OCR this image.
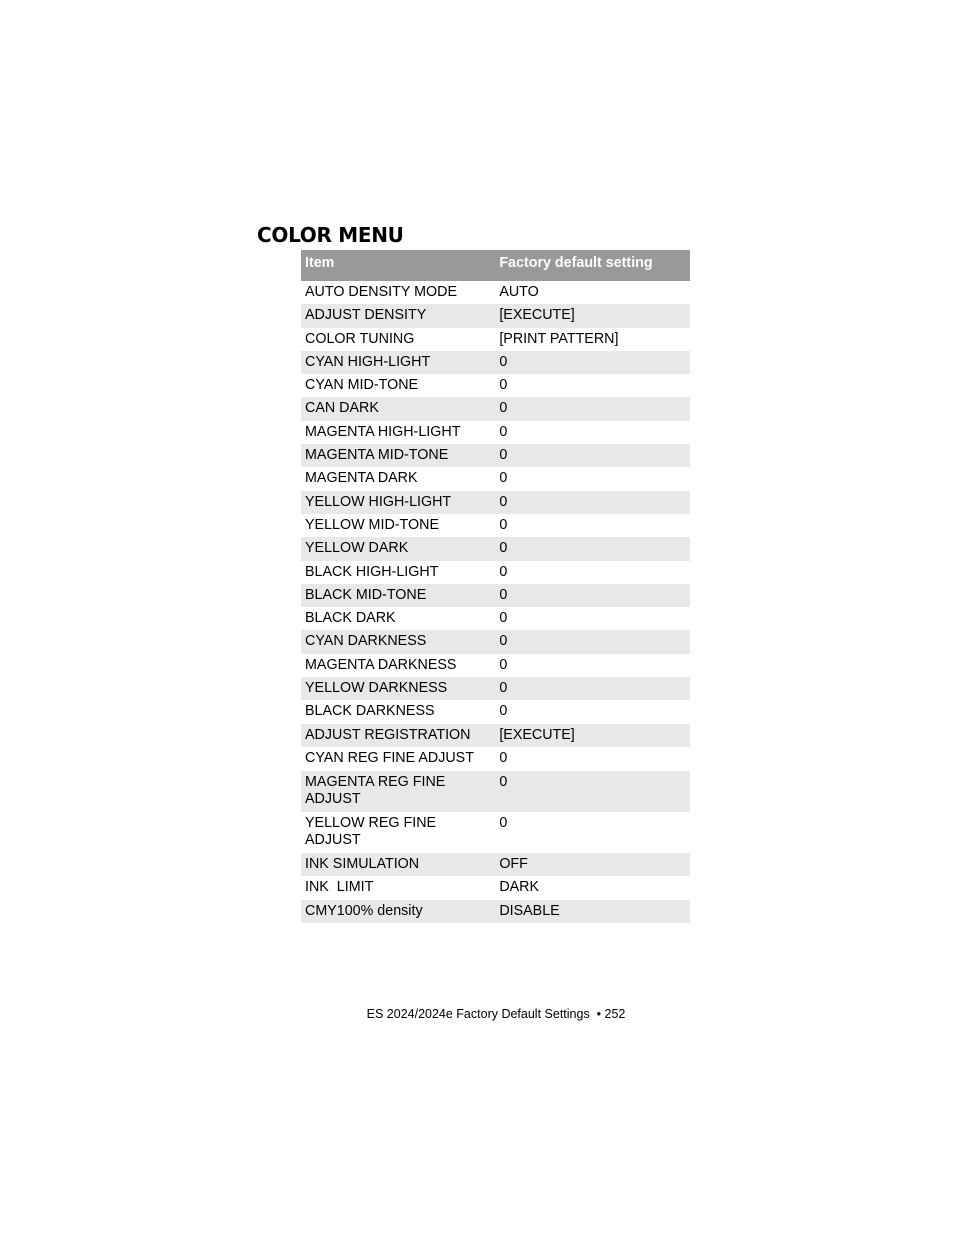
COLOR MENU
Item	Factory default setting
AUTO DENSITY MODE	AUTO
ADJUST DENSITY	[EXECUTE]
COLOR TUNING	[PRINT PATTERN]
CYAN HIGH-LIGHT	0
CYAN MID-TONE	0
CAN DARK	0
MAGENTA HIGH-LIGHT	0
MAGENTA MID-TONE	0
MAGENTA DARK	0
YELLOW HIGH-LIGHT	0
YELLOW MID-TONE	0
YELLOW DARK	0
BLACK HIGH-LIGHT	0
BLACK MID-TONE	0
BLACK DARK	0
CYAN DARKNESS	0
MAGENTA DARKNESS	0
YELLOW DARKNESS	0
BLACK DARKNESS	0
ADJUST REGISTRATION	[EXECUTE]
CYAN REG FINE ADJUST	0
MAGENTA REG FINE ADJUST	0
YELLOW REG FINE ADJUST	0
INK SIMULATION	OFF
INK  LIMIT	DARK
CMY100% density	DISABLE
ES 2024/2024e Factory Default Settings  • 252
